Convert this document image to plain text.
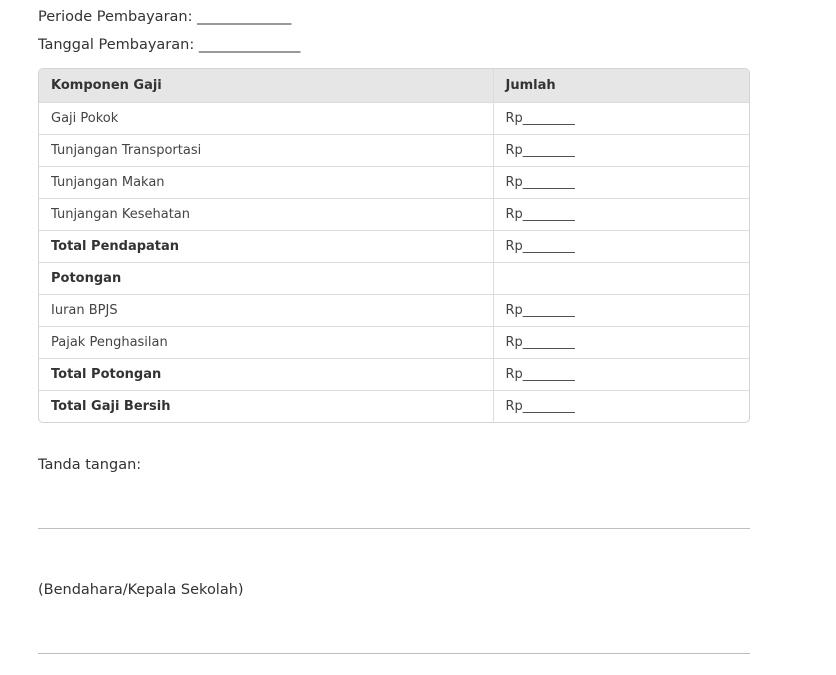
Periode Pembayaran: _____________
Tanggal Pembayaran: ______________
Komponen Gaji	Jumlah
Gaji Pokok	Rp________
Tunjangan Transportasi	Rp________
Tunjangan Makan	Rp________
Tunjangan Kesehatan	Rp________
Total Pendapatan	Rp________
Potongan	
Iuran BPJS	Rp________
Pajak Penghasilan	Rp________
Total Potongan	Rp________
Total Gaji Bersih	Rp________
Tanda tangan:
(Bendahara/Kepala Sekolah)
